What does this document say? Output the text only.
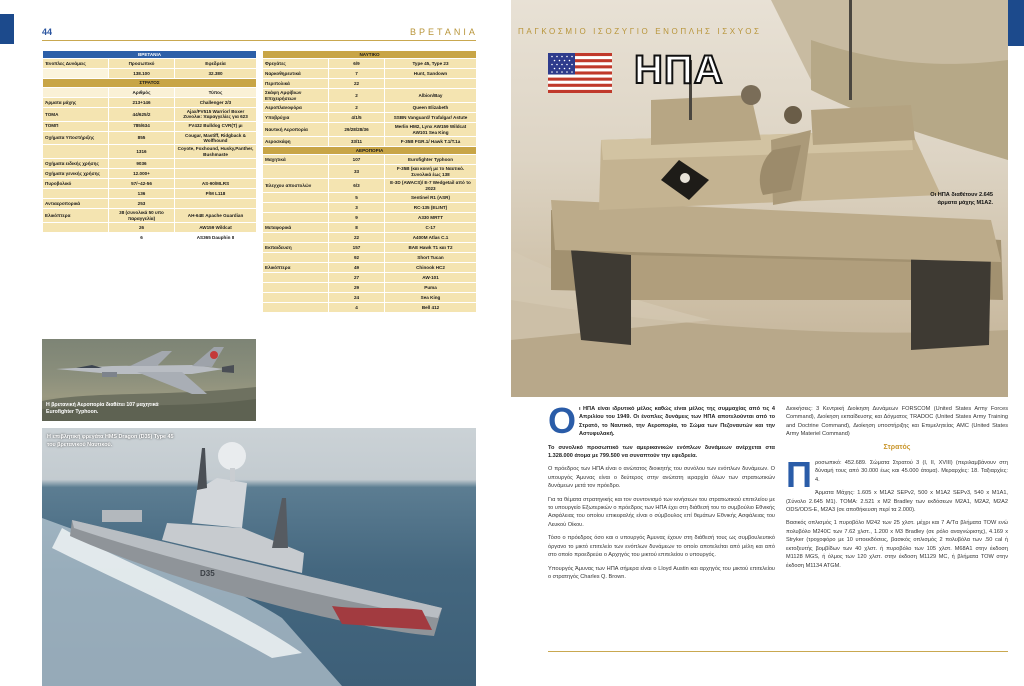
44	ΒΡΕΤΑΝΙΑ
ΒΡΕΤΑΝΙΑ		
Ένοπλες Δυνάμεις	Προσωπικό	Εφεδρεία
	138.100	32.380
ΣΤΡΑΤΟΣ		
	Αριθμός	Τύπος
Άρματα μάχης	213+146	Challenger 2/3
ΤΟΜΑ	44/625/2	Ajax/FV515 Warrior/ Boxer Ζυνολικ: παραγγελίες για 623
ΤΟΜΠ	785/634	FV432 Bulldog CVR(T) μι
Οχήματα Υποστήριξης	855	Cougar, Mastiff, Ridgback & Wolfhound
	1316	Coyote, Foxhound, Husky,Panther, Bushmaste
Οχήματα ειδικής χρήσης	9036	
Οχήματα γενικής χρήσης	12.000+	
Πυροβολικό	57/~42-56	AS-90/MLRS
	136	P/M L118
Αντιαεροπορικά	253	
Ελικόπτερα	38 (συνολικά 50 υπο παραγγελία)	AH-64E Apache Guardian
	26	AW159 Wildcat
	6	AS365 Dauphin II
ΝΑΥΤΙΚΟ		
Φρεγάτες	6/9	Type 45, Type 23
Ναρκοθηρευτικά	7	Hunt, Sandown
Περιπολικά	22	
Σκάφη Αμφίβιων Επιχειρήσεων	2	Albion/Bay
Αεροπλανοφόρα	2	Queen Elizabeth
Υποβρύχια	4/1/5	SSBN Vanguard/ Trafalgar/ Astute
Ναυτική Αεροπορία	29/28/28/36	Merlin HM2, Lynx AW159 Wildcat AW101 Sea King
Αεροσκάφη	33/11	F-35B FGR.1/ Hawk T.1/T.1a
ΑΕΡΟΠΟΡΙΑ		
Μαχητικά	107	Eurofighter Typhoon
	33	F-35B (και κοινή με το Ναυτικό. Συνολικά έως 138
Έλεγχου αποστολών	6/3	E-3D (AWACS)/ E-7 Wedgetail από το 2023
	5	Sentinel R1 (ASR)
	3	RC-135 (ELINT)
	9	A330 MRTT
Μεταφορικά	8	C-17
	22	A400M Atlas C.1
Εκπαιδευση	157	BAE Hawk T1 και T2
	92	Short Tucan
Ελικόπτερα	49	Chinook HC2
	27	AW-101
	29	Puma
	24	Sea King
	4	Bell 412
Η βρετανική Αεροπορία διαθέτει 107 μαχητικά Eurofighter Typhoon.
D35
Η επιβλητική φρεγάτα HMS Dragon (D35) Type 45 του βρετανικού Ναυτικού.
ΠΑΓΚΟΣΜΙΟ ΙΣΟΖΥΓΙΟ ΕΝΟΠΛΗΣ ΙΣΧΥΟΣ
ΗΠΑ
Οι ΗΠΑ διαθέτουν 2.645 άρματα μάχης M1A2.

Ο ι ΗΠΑ είναι ιδρυτικό μέλος καθώς είναι μέλος της συμμαχίας από τις 4 Απριλίου του 1949. Οι ένοπλες δυνάμεις των ΗΠΑ αποτελούνται από το Στρατό, το Ναυτικό, την Αεροπορία, το Σώμα των Πεζοναυτών και την Αστυφυλακή.

Το συνολικό προσωπικό των αμερικανικών ενόπλων δυνάμεων ανέρχεται στα 1.328.000 άτομα με 799.500 να συναπτούν την εφεδρεία.

Ο πρόεδρος των ΗΠΑ είναι ο ανώτατος διοικητής του συνόλου των ενόπλων δυνάμεων. Ο υπουργός Άμυνας είναι ο δεύτερος στην ανώτατη ιεραρχία όλων των στρατιωτικών δυνάμεων μετά τον πρόεδρο.

Για τα θέματα στρατηγικής και τον συντονισμό των κινήσεων του στρατιωτικού επιτελείου με το υπουργείο Εξωτερικών ο πρόεδρος των ΗΠΑ έχει στη διάθεσή του το συμβούλιο Εθνικής Ασφάλειας του οποίου επικεφαλής είναι ο σύμβουλος επί θεμάτων Εθνικής Ασφάλειας του Λευκού Οίκου.

Τόσο ο πρόεδρος όσο και ο υπουργός Άμυνας έχουν στη διάθεσή τους ως συμβουλευτικό όργανο το μικτό επιτελείο των ενόπλων δυνάμεων το οποίο αποτελείται από μέλη και από στο οποίο προεδρεύει ο Αρχηγός του μικτού επιτελείου ο υπουργός.

Υπουργός Άμυνας των ΗΠΑ σήμερα είναι ο Lloyd Austin και αρχηγός του μικτού επιτελείου ο στρατηγός Charles Q. Brown.

Διοικήσεις: 3 Κεντρική Διοίκηση Δυνάμεων FORSCOM (United States Army Forces Command), Διοίκηση εκπαίδευσης και Δόγματος TRADOC (United States Army Training and Doctrine Command), Διοίκηση υποστήριξης και Επιμελητείας AMC (United States Army Materiel Command)

Στρατός

Π ροσωπικό: 452.689. Σώματα Στρατού 3 (I, II, XVIII) (περιλαμβάνουν στη δύναμή τους από 30.000 έως και 45.000 άτομα). Μεραρχίες: 18. Ταξιαρχίες: 4.

Άρματα Μάχης: 1.605 x M1A2 SEPv2, 500 x M1A2 SEPv3, 540 x M1A1, (Σύνολο 2.645 M1). ΤΟΜΑ: 2.521 x M2 Bradley των εκδόσεων M2A1, M2A2, M2A2 ODS/ODS-E, M2A3 (σε αποθήκευση περί τα 2.000).

Βασικός οπλισμός 1 πυροβόλο M242 των 25 χλστ. μέχρι και 7 A/Tα βλήματα TOW ενώ πολυβόλο M240C των 7.62 χλστ., 1.200 x M3 Bradley (σε ρόλο αναγνώρισης), 4.169 x Stryker (τροχοφόρο με 10 υποεκδόσεις, βασικός οπλισμός 2 πολυβόλα των .50 cal ή εκτοξευτής βομβίδων των 40 χλστ. ή πυροβόλο των 105 χλστ. M68A1 στην έκδοση M1128 MGS, ή όλμος των 120 χλστ. στην έκδοση M1129 MC, ή βλήματα TOW στην έκδοση M1134 ATGM.
